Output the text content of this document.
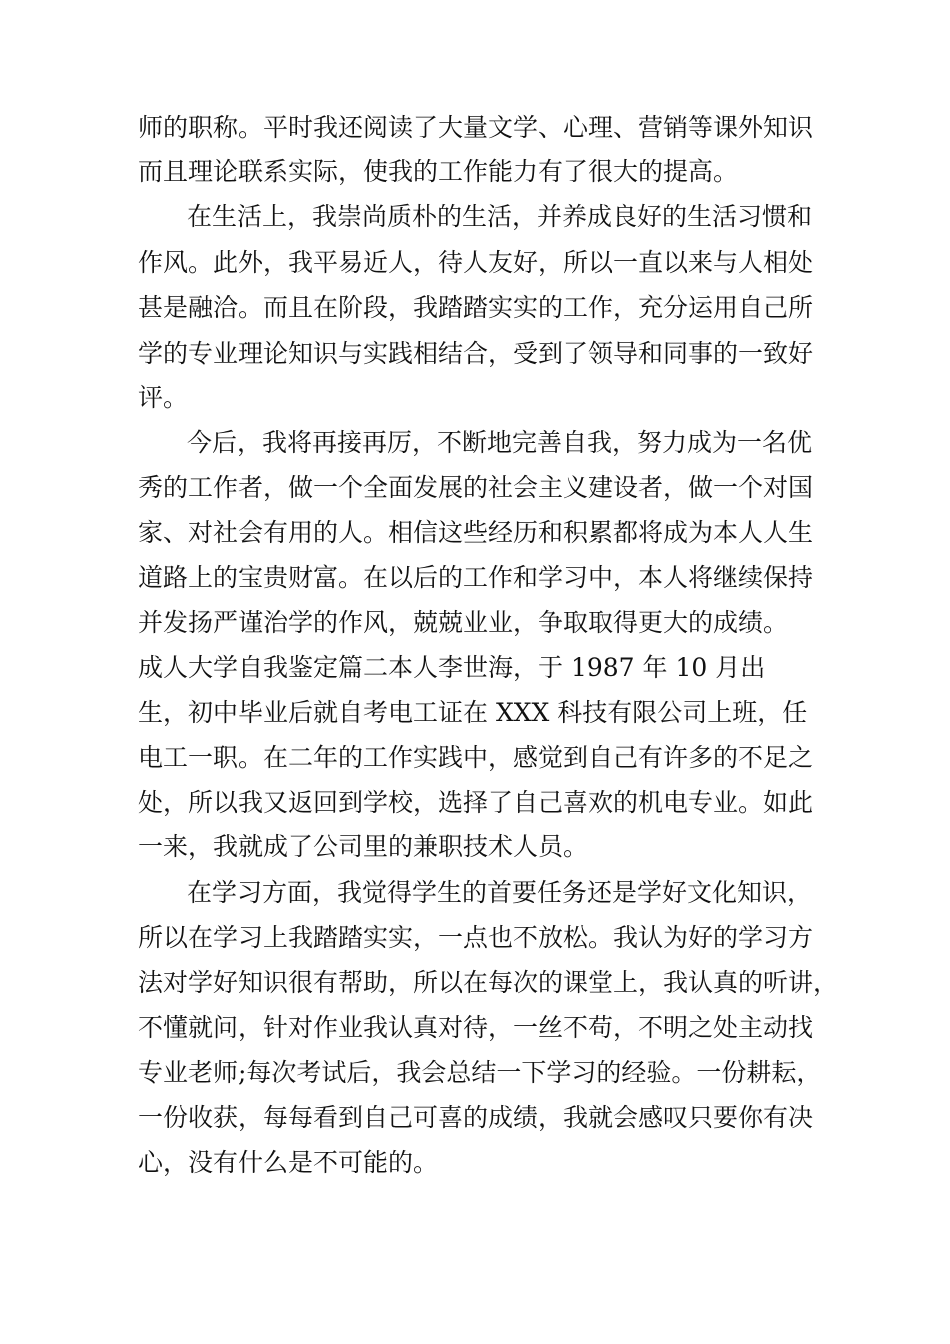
师的职称。平时我还阅读了大量文学、心理、营销等课外知识

而且理论联系实际，使我的工作能力有了很大的提高。

在生活上，我崇尚质朴的生活，并养成良好的生活习惯和

作风。此外，我平易近人，待人友好，所以一直以来与人相处

甚是融洽。而且在阶段，我踏踏实实的工作，充分运用自己所

学的专业理论知识与实践相结合，受到了领导和同事的一致好

评。

今后，我将再接再厉，不断地完善自我，努力成为一名优

秀的工作者，做一个全面发展的社会主义建设者，做一个对国

家、对社会有用的人。相信这些经历和积累都将成为本人人生

道路上的宝贵财富。在以后的工作和学习中，本人将继续保持

并发扬严谨治学的作风，兢兢业业，争取取得更大的成绩。

成人大学自我鉴定篇二本人李世海，于 1987 年 10 月出

生，初中毕业后就自考电工证在 XXX 科技有限公司上班，任

电工一职。在二年的工作实践中，感觉到自己有许多的不足之

处，所以我又返回到学校，选择了自己喜欢的机电专业。如此

一来，我就成了公司里的兼职技术人员。

在学习方面，我觉得学生的首要任务还是学好文化知识，

所以在学习上我踏踏实实，一点也不放松。我认为好的学习方

法对学好知识很有帮助，所以在每次的课堂上，我认真的听讲，

不懂就问，针对作业我认真对待，一丝不苟，不明之处主动找

专业老师;每次考试后，我会总结一下学习的经验。一份耕耘，

一份收获，每每看到自己可喜的成绩，我就会感叹只要你有决

心，没有什么是不可能的。
